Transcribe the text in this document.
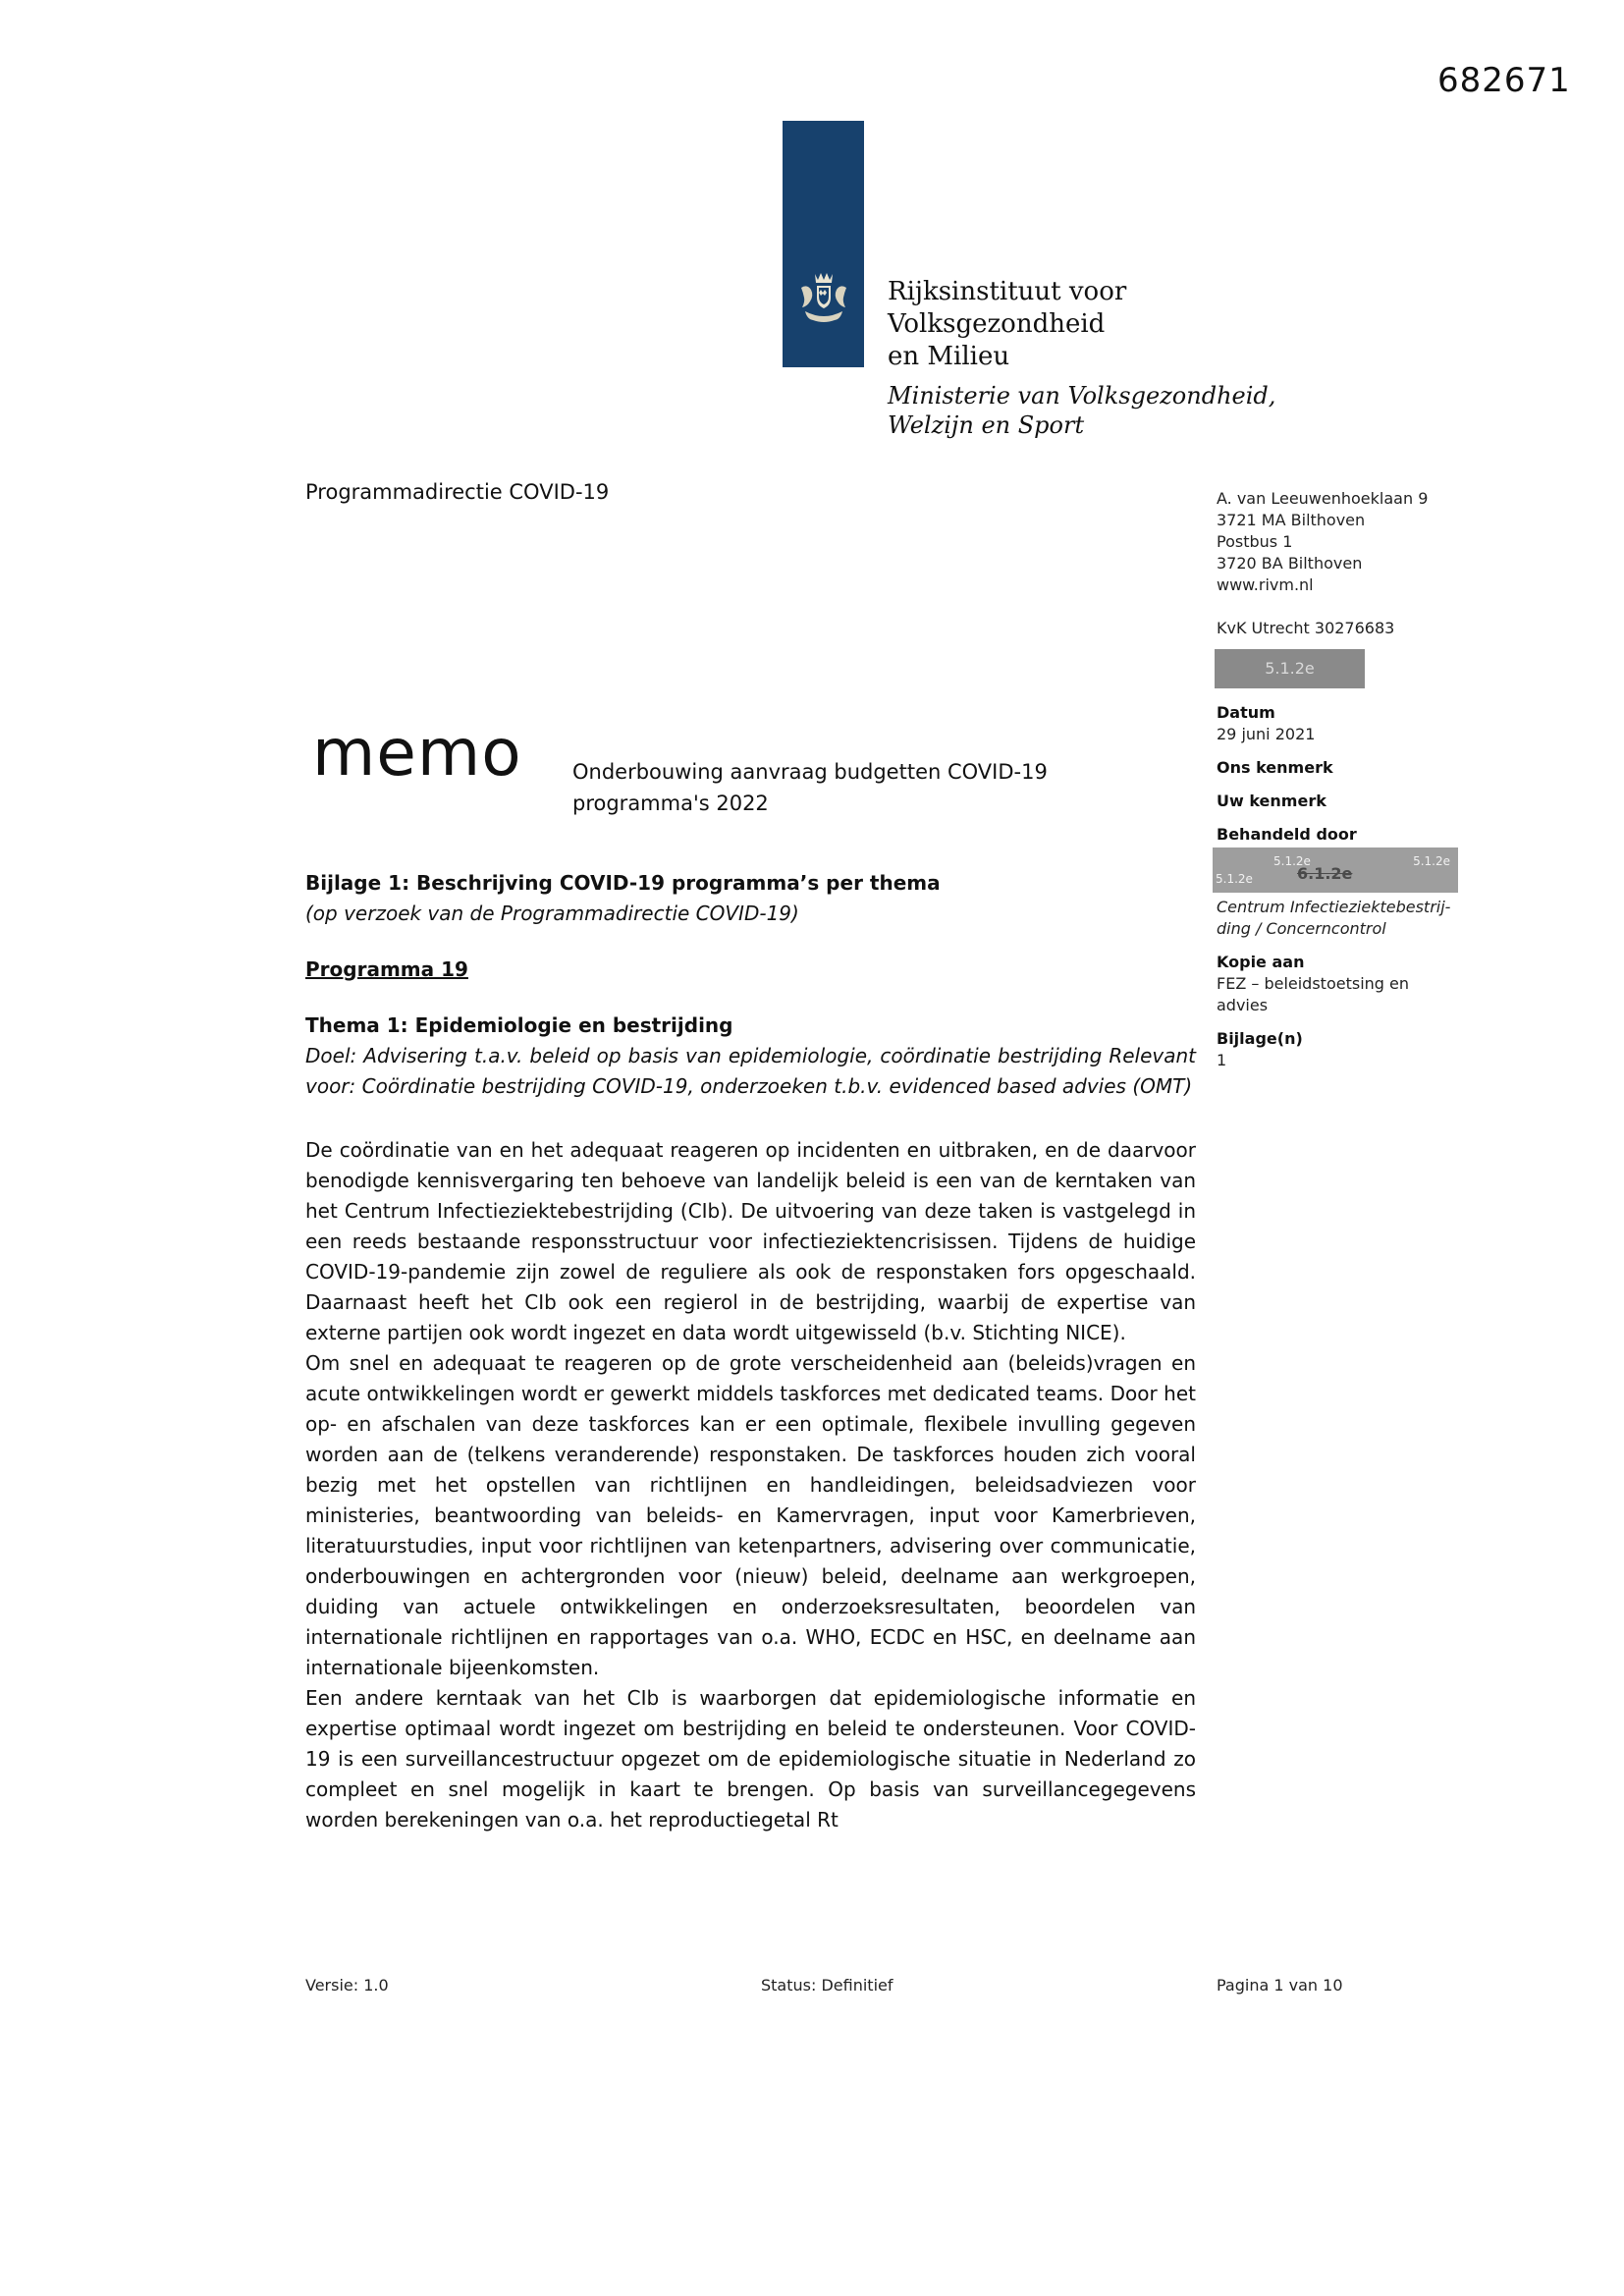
682671
Rijksinstituut voor Volksgezondheid
en Milieu
Ministerie van Volksgezondheid,
Welzijn en Sport
Programmadirectie COVID-19	A. van Leeuwenhoeklaan 9
3721 MA Bilthoven
Postbus 1
3720 BA Bilthoven
www.rivm.nl
KvK Utrecht 30276683
5.1.2e
Datum
29 juni 2021
Ons kenmerk
Uw kenmerk
Behandeld door
5.1.2e	5.1.2e
5.1.2e	6.1.2e
Centrum Infectieziektebestrij-
ding / Concerncontrol
Kopie aan
FEZ – beleidstoetsing en
advies
Bijlage(n)
1
memo Onderbouwing aanvraag budgetten COVID-19
programma's 2022
Bijlage 1: Beschrijving COVID-19 programma’s per thema
(op verzoek van de Programmadirectie COVID-19)
Programma 19
Thema 1: Epidemiologie en bestrijding

Doel: Advisering t.a.v. beleid op basis van epidemiologie, coördinatie bestrijding Relevant voor: Coördinatie bestrijding COVID-19, onderzoeken t.b.v. evidenced based advies (OMT)

De coördinatie van en het adequaat reageren op incidenten en uitbraken, en de daarvoor benodigde kennisvergaring ten behoeve van landelijk beleid is een van de kerntaken van het Centrum Infectieziektebestrijding (CIb). De uitvoering van deze taken is vastgelegd in een reeds bestaande responsstructuur voor infectieziektencrisissen. Tijdens de huidige COVID-19-pandemie zijn zowel de reguliere als ook de responstaken fors opgeschaald. Daarnaast heeft het CIb ook een regierol in de bestrijding, waarbij de expertise van externe partijen ook wordt ingezet en data wordt uitgewisseld (b.v. Stichting NICE).

Om snel en adequaat te reageren op de grote verscheidenheid aan (beleids)vragen en acute ontwikkelingen wordt er gewerkt middels taskforces met dedicated teams. Door het op- en afschalen van deze taskforces kan er een optimale, flexibele invulling gegeven worden aan de (telkens veranderende) responstaken. De taskforces houden zich vooral bezig met het opstellen van richtlijnen en handleidingen, beleidsadviezen voor ministeries, beantwoording van beleids- en Kamervragen, input voor Kamerbrieven, literatuurstudies, input voor richtlijnen van ketenpartners, advisering over communicatie, onderbouwingen en achtergronden voor (nieuw) beleid, deelname aan werkgroepen, duiding van actuele ontwikkelingen en onderzoeksresultaten, beoordelen van internationale richtlijnen en rapportages van o.a. WHO, ECDC en HSC, en deelname aan internationale bijeenkomsten.

Een andere kerntaak van het CIb is waarborgen dat epidemiologische informatie en expertise optimaal wordt ingezet om bestrijding en beleid te ondersteunen. Voor COVID-19 is een surveillancestructuur opgezet om de epidemiologische situatie in Nederland zo compleet en snel mogelijk in kaart te brengen. Op basis van surveillancegegevens worden berekeningen van o.a. het reproductiegetal Rt

Versie: 1.0	Status: Definitief	Pagina 1 van 10
